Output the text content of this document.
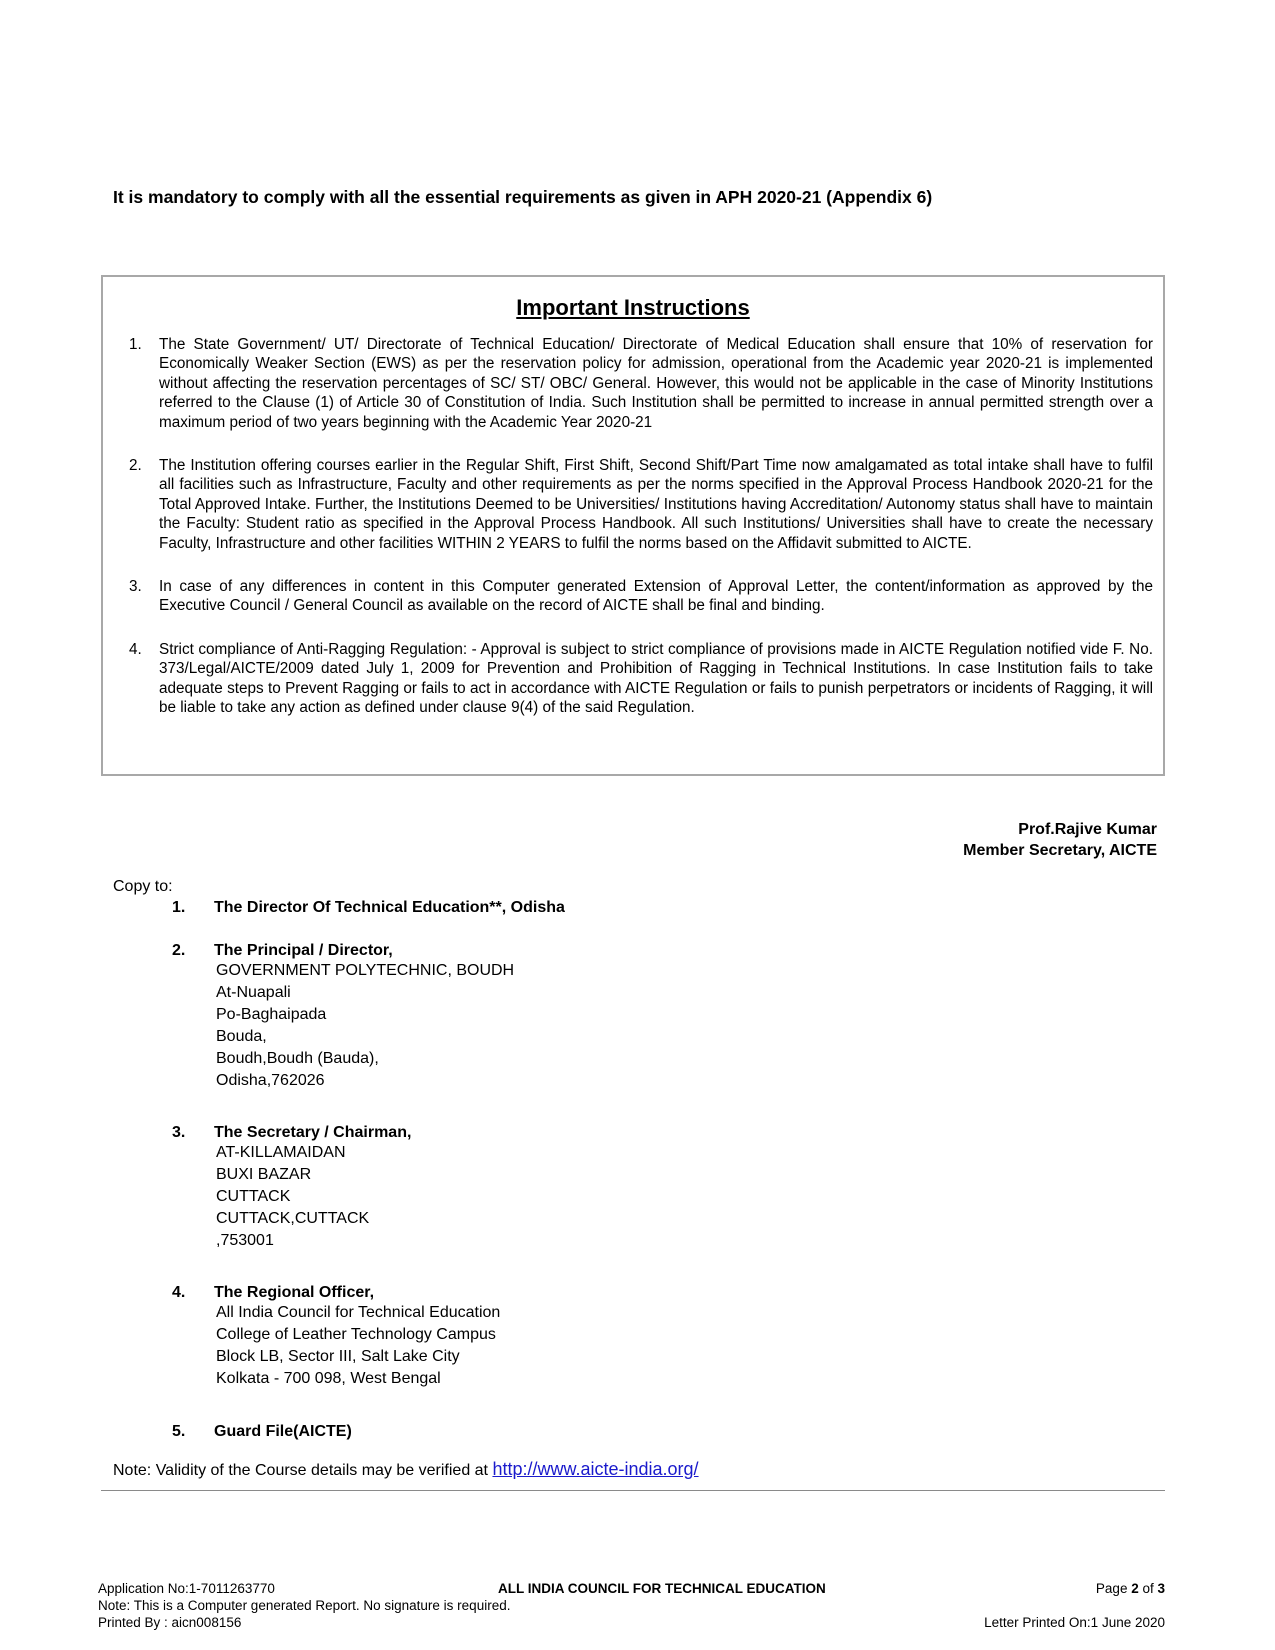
It is mandatory to comply with all the essential requirements as given in APH 2020-21 (Appendix 6)
Important Instructions
1.	The State Government/ UT/ Directorate of Technical Education/ Directorate of Medical Education shall ensure that 10% of reservation for Economically Weaker Section (EWS) as per the reservation policy for admission, operational from the Academic year 2020-21 is implemented without affecting the reservation percentages of SC/ ST/ OBC/ General. However, this would not be applicable in the case of Minority Institutions referred to the Clause (1) of Article 30 of Constitution of India. Such Institution shall be permitted to increase in annual permitted strength over a maximum period of two years beginning with the Academic Year 2020-21
2.	The Institution offering courses earlier in the Regular Shift, First Shift, Second Shift/Part Time now amalgamated as total intake shall have to fulfil all facilities such as Infrastructure, Faculty and other requirements as per the norms specified in the Approval Process Handbook 2020-21 for the Total Approved Intake. Further, the Institutions Deemed to be Universities/ Institutions having Accreditation/ Autonomy status shall have to maintain the Faculty: Student ratio as specified in the Approval Process Handbook. All such Institutions/ Universities shall have to create the necessary Faculty, Infrastructure and other facilities WITHIN 2 YEARS to fulfil the norms based on the Affidavit submitted to AICTE.
3.	In case of any differences in content in this Computer generated Extension of Approval Letter, the content/information as approved by the Executive Council / General Council as available on the record of AICTE shall be final and binding.
4.	Strict compliance of Anti-Ragging Regulation: - Approval is subject to strict compliance of provisions made in AICTE Regulation notified vide F. No. 373/Legal/AICTE/2009 dated July 1, 2009 for Prevention and Prohibition of Ragging in Technical Institutions. In case Institution fails to take adequate steps to Prevent Ragging or fails to act in accordance with AICTE Regulation or fails to punish perpetrators or incidents of Ragging, it will be liable to take any action as defined under clause 9(4) of the said Regulation.
Prof.Rajive Kumar
Member Secretary, AICTE
Copy to:
1. The Director Of Technical Education**, Odisha
2. The Principal / Director,
GOVERNMENT POLYTECHNIC, BOUDH
At-Nuapali
Po-Baghaipada
Bouda,
Boudh,Boudh (Bauda),
Odisha,762026
3. The Secretary / Chairman,
AT-KILLAMAIDAN
BUXI BAZAR
CUTTACK
CUTTACK,CUTTACK
,753001
4. The Regional Officer,
All India Council for Technical Education
College of Leather Technology Campus
Block LB, Sector III, Salt Lake City
Kolkata - 700 098, West Bengal
5. Guard File(AICTE)
Note: Validity of the Course details may be verified at http://www.aicte-india.org/
Application No:1-7011263770	ALL INDIA COUNCIL FOR TECHNICAL EDUCATION	Page 2 of 3
Note: This is a Computer generated Report. No signature is required.
Printed By : aicn008156	Letter Printed On:1 June 2020
